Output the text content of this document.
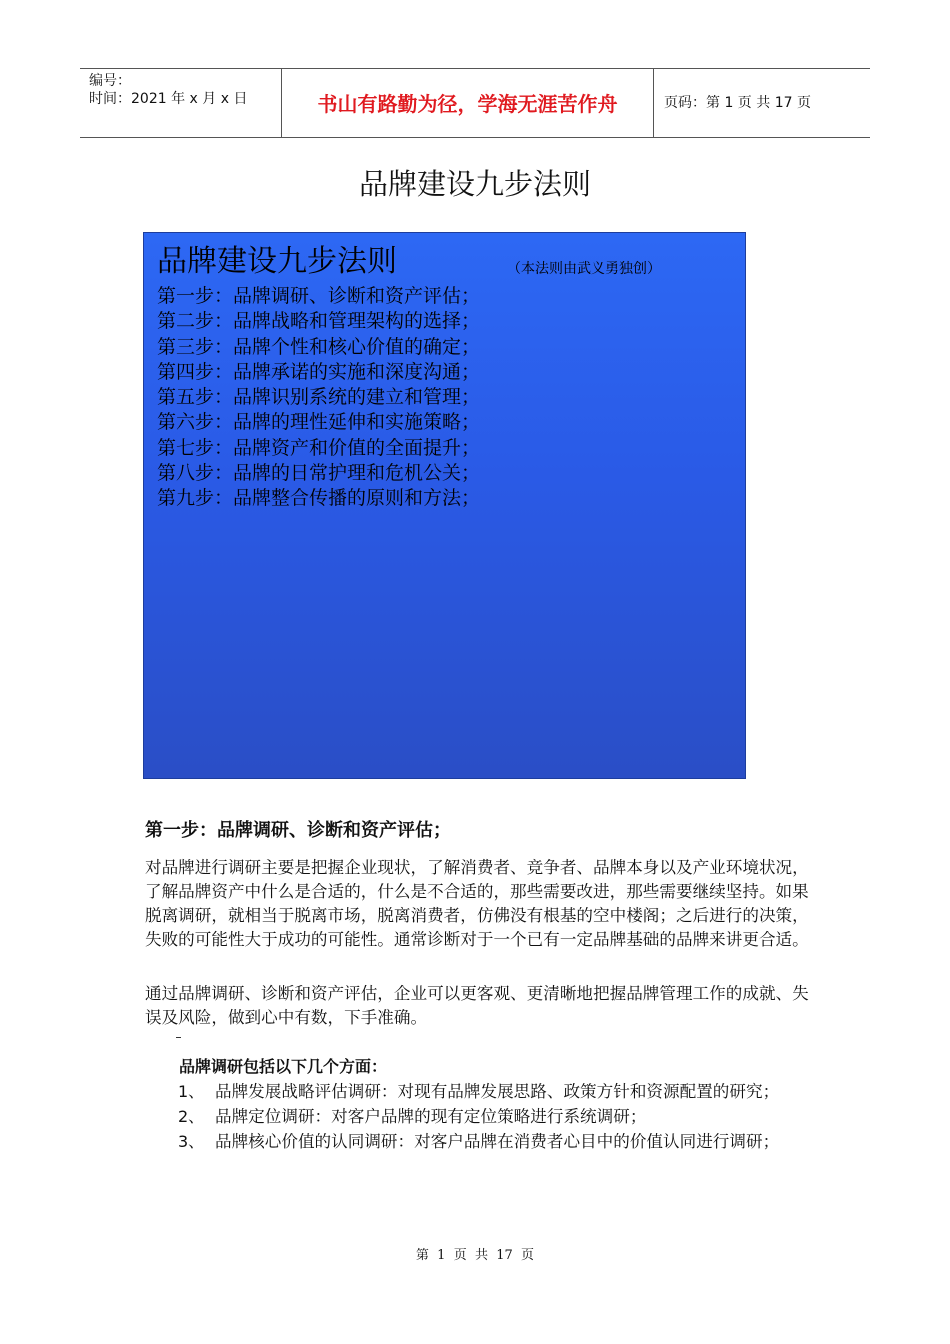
编号：
时间：2021 年 x 月 x 日	书山有路勤为径，学海无涯苦作舟	页码：第 1 页 共 17 页
品牌建设九步法则
品牌建设九步法则	（本法则由武义勇独创）
第一步：品牌调研、诊断和资产评估；
第二步：品牌战略和管理架构的选择；
第三步：品牌个性和核心价值的确定；
第四步：品牌承诺的实施和深度沟通；
第五步：品牌识别系统的建立和管理；
第六步：品牌的理性延伸和实施策略；
第七步：品牌资产和价值的全面提升；
第八步：品牌的日常护理和危机公关；
第九步：品牌整合传播的原则和方法；
第一步：品牌调研、诊断和资产评估；

对品牌进行调研主要是把握企业现状，了解消费者、竞争者、品牌本身以及产业环境状况，了解品牌资产中什么是合适的，什么是不合适的，那些需要改进，那些需要继续坚持。如果脱离调研，就相当于脱离市场，脱离消费者，仿佛没有根基的空中楼阁；之后进行的决策，失败的可能性大于成功的可能性。通常诊断对于一个已有一定品牌基础的品牌来讲更合适。

通过品牌调研、诊断和资产评估，企业可以更客观、更清晰地把握品牌管理工作的成就、失误及风险，做到心中有数，下手准确。

品牌调研包括以下几个方面：
1、 品牌发展战略评估调研：对现有品牌发展思路、政策方针和资源配置的研究；
2、 品牌定位调研：对客户品牌的现有定位策略进行系统调研；
3、 品牌核心价值的认同调研：对客户品牌在消费者心目中的价值认同进行调研；
第  1  页  共  17  页
